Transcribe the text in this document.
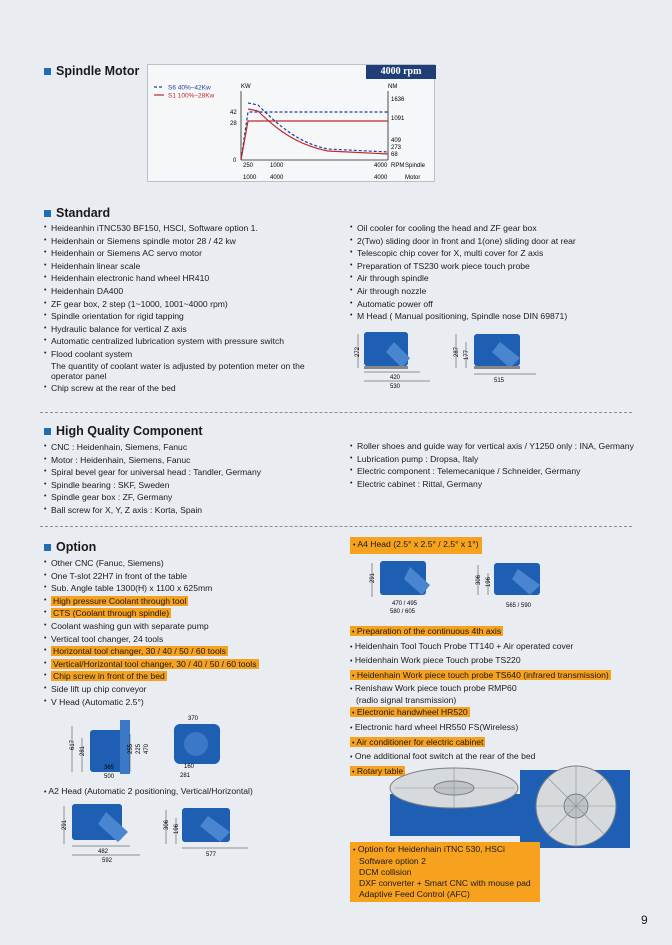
Spindle Motor	4000 rpm
S6 40%–42Kw
S1 100%–28Kw
KW	NM
42
28
0
1636
1091
409
273
68
250	1000	4000 RPM Spindle
1000 4000	4000	Motor
Standard
• Heideanhin iTNC530 BF150, HSCI, Software option 1.
• Heidenhain or Siemens spindle motor 28 / 42 kw
• Heidenhain or Siemens AC servo motor
• Heidenhain linear scale
• Heidenhain electronic hand wheel HR410
• Heidenhain DA400
• ZF gear box, 2 step (1~1000, 1001~4000 rpm)
• Spindle orientation for rigid tapping
• Hydraulic balance for vertical Z axis
• Automatic centralized lubrication system with pressure switch
• Flood coolant system
The quantity of coolant water is adjusted by potention meter on the operator panel
• Chip screw at the rear of the bed
• Oil cooler for cooling the head and ZF gear box
• 2(Two) sliding door in front and 1(one) sliding door at rear
• Telescopic chip cover for X, multi cover for Z axis
• Preparation of TS230 work piece touch probe
• Air through spindle
• Air through nozzle
• Automatic power off
• M Head ( Manual positioning, Spindle nose DIN 69871)
272
420
530
287 177
515
High Quality Component
• CNC : Heidenhain, Siemens, Fanuc
• Motor : Heidenhain, Siemens, Fanuc
• Spiral bevel gear for universal head : Tandler, Germany
• Spindle bearing : SKF, Sweden
• Spindle gear box : ZF, Germany
• Ball screw for X, Y, Z axis : Korta, Spain
• Roller shoes and guide way for vertical axis / Y1250 only : INA, Germany
• Lubrication pump : Dropsa, Italy
• Electric component : Telemecanique / Schneider, Germany
• Electric cabinet : Rittal, Germany
Option
• Other CNC (Fanuc, Siemens)
• One T-slot 22H7 in front of the table
• Sub. Angle table 1300(H) x 1100 x 625mm
• High pressure Coolant through tool
• CTS (Coolant through spindle)
• Coolant washing gun with separate pump
• Vertical tool changer, 24 tools
• Horizontal tool changer, 30 / 40 / 50 / 60 tools
• Vertical/Horizontal tool changer, 30 / 40 / 50 / 60 tools
• Chip screw in front of the bed
• Side lift up chip conveyor
• V Head (Automatic 2.5°)
617
281	255 225 470
365
500
370
160
281
• A2 Head (Automatic 2 positioning, Vertical/Horizontal)
291
482
592
306 196
577
• A4 Head (2.5° x 2.5° / 2.5° x 1°)
291
470 / 495
580 / 605
306 196
565 / 590
• Preparation of the continuous 4th axis
• Heidenhain Tool Touch Probe TT140 + Air operated cover
• Heidenhain Work piece Touch probe TS220
• Heidenhain Work piece touch probe TS640 (infrared transmission)
• Renishaw Work piece touch probe RMP60
(radio signal transmission)
• Electronic handwheel HR520
• Electronic hard wheel HR550 FS(Wireless)
• Air conditioner for electric cabinet
• One additional foot switch at the rear of the bed
• Rotary table
• Option for Heidenhain iTNC 530, HSCi
Software option 2
DCM collision
DXF converter + Smart CNC with mouse pad
Adaptive Feed Control (AFC)
9
